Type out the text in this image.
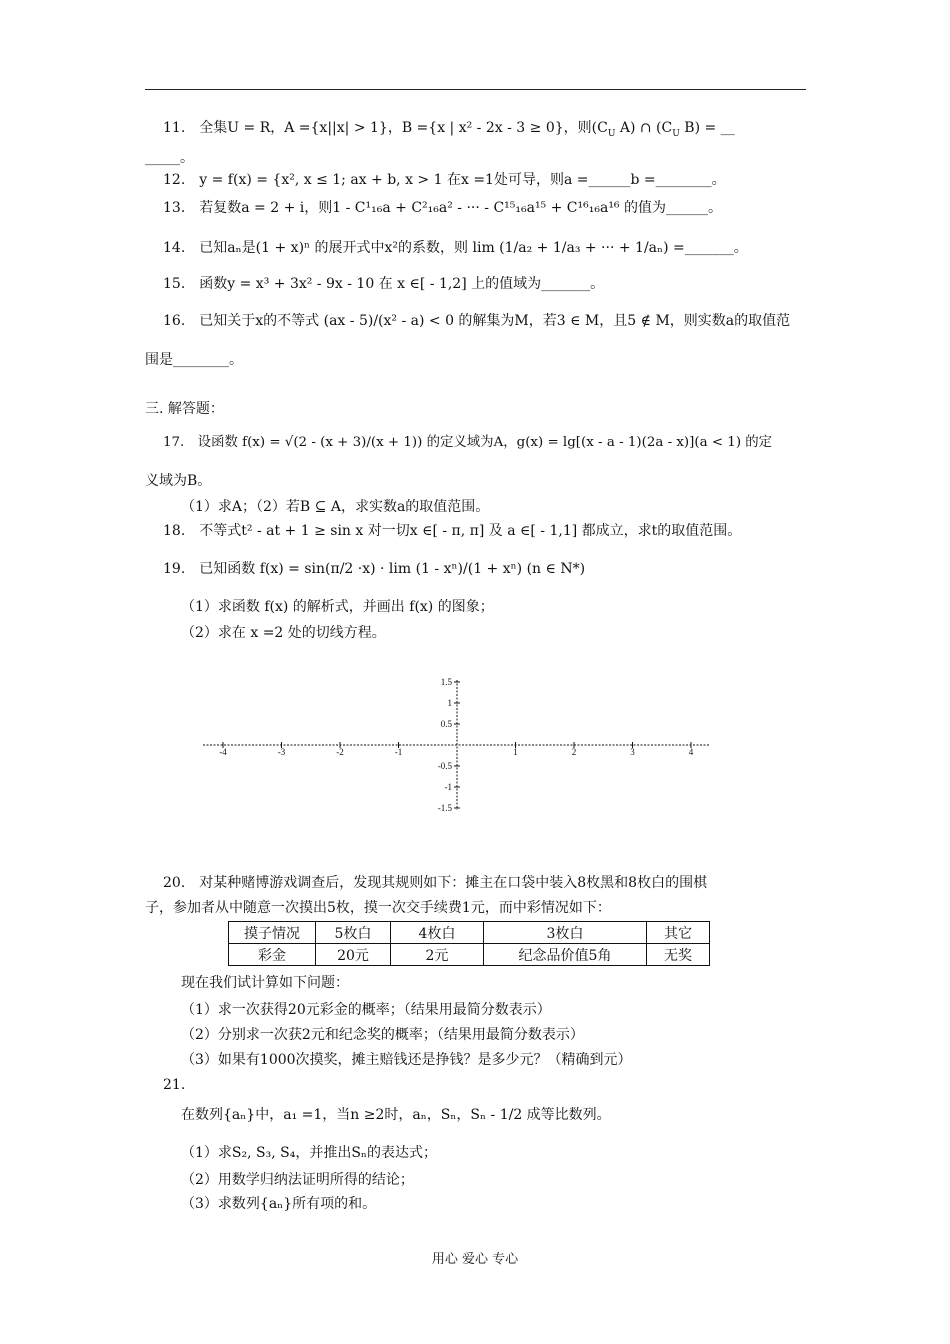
11.　全集U = R，A ={x||x| > 1}，B ={x | x² - 2x - 3 ≥ 0}，则($C_U$ A) ∩ ($C_U$ B) = __
_____。
12.　y = f(x) = {x², x ≤ 1; ax + b, x > 1 在x =1处可导，则a =______b =________。
13.　若复数a = 2 + i，则1 - C¹₁₆a + C²₁₆a² - ··· - C¹⁵₁₆a¹⁵ + C¹⁶₁₆a¹⁶ 的值为______。
14.　已知aₙ是(1 + x)ⁿ 的展开式中x²的系数，则 lim (1/a₂ + 1/a₃ + ··· + 1/aₙ) =_______。
15.　函数y = x³ + 3x² - 9x - 10 在 x ∈[ - 1,2] 上的值域为_______。
16.　已知关于x的不等式 (ax - 5)/(x² - a) < 0 的解集为M，若3 ∈ M，且5 ∉ M，则实数a的取值范
围是________。
三. 解答题：
17.　设函数 f(x) = √(2 - (x + 3)/(x + 1)) 的定义域为A，g(x) = lg[(x - a - 1)(2a - x)](a < 1) 的定
义域为B。
（1）求A；（2）若B ⊆ A，求实数a的取值范围。
18.　不等式t² - at + 1 ≥ sin x 对一切x ∈[ - π, π] 及 a ∈[ - 1,1] 都成立，求t的取值范围。
19.　已知函数 f(x) = sin(π/2 ·x) · lim (1 - xⁿ)/(1 + xⁿ) (n ∈ N*)
（1）求函数 f(x) 的解析式，并画出 f(x) 的图象；
（2）求在 x =2 处的切线方程。
-4	-3	-2	-1	1	2	3	4
1.5
1
0.5
-0.5
-1
-1.5
20.　对某种赌博游戏调查后，发现其规则如下：摊主在口袋中装入8枚黑和8枚白的围棋
子，参加者从中随意一次摸出5枚，摸一次交手续费1元，而中彩情况如下：
摸子情况	5枚白	4枚白	3枚白	其它
彩金	20元	2元	纪念品价值5角	无奖
现在我们试计算如下问题：
（1）求一次获得20元彩金的概率；（结果用最简分数表示）
（2）分别求一次获2元和纪念奖的概率；（结果用最简分数表示）
（3）如果有1000次摸奖，摊主赔钱还是挣钱？是多少元？（精确到元）
21.
在数列{aₙ}中，a₁ =1，当n ≥2时，aₙ，Sₙ，Sₙ - 1/2 成等比数列。
（1）求S₂, S₃, S₄，并推出Sₙ的表达式；
（2）用数学归纳法证明所得的结论；
（3）求数列{aₙ}所有项的和。
用心 爱心 专心
